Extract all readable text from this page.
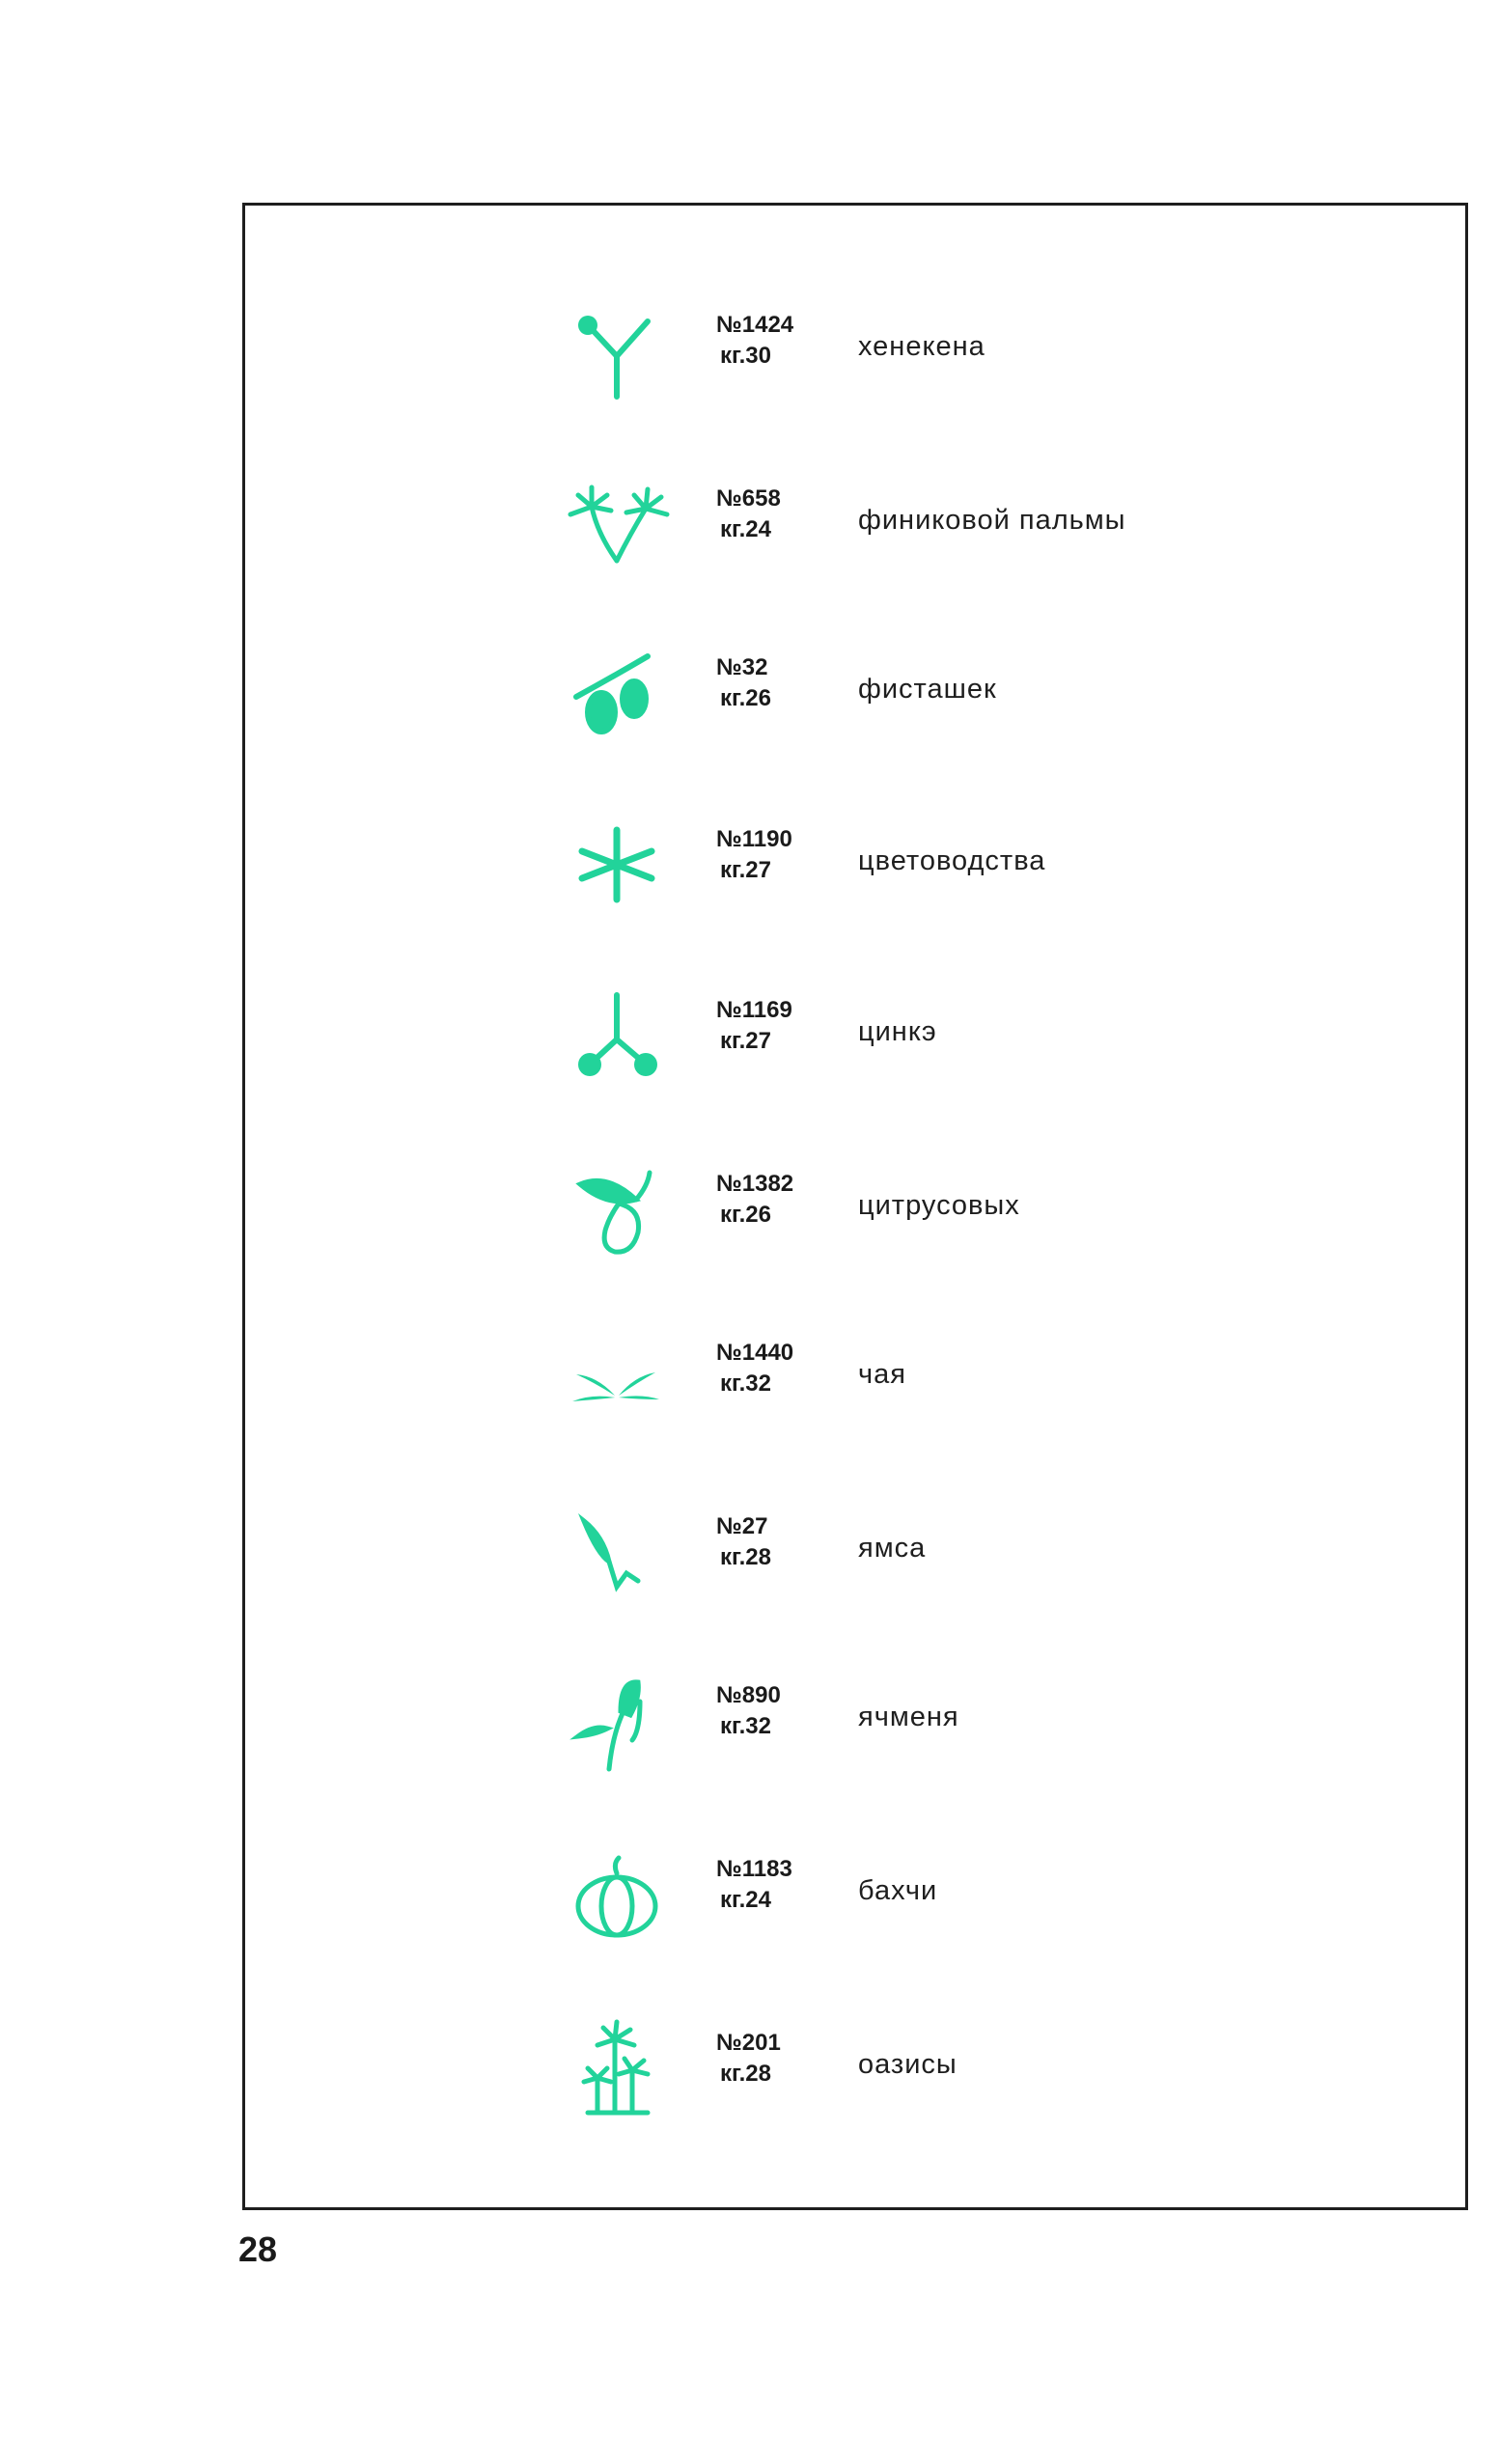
№1424
кг.30	хенекена
№658
кг.24	финиковой пальмы
№32
кг.26	фисташек
№1190
кг.27	цветоводства
№1169
кг.27	цинкэ
№1382
кг.26	цитрусовых
№1440
кг.32	чая
№27
кг.28	ямса
№890
кг.32	ячменя
№1183
кг.24	бахчи
№201
кг.28	оазисы
28
